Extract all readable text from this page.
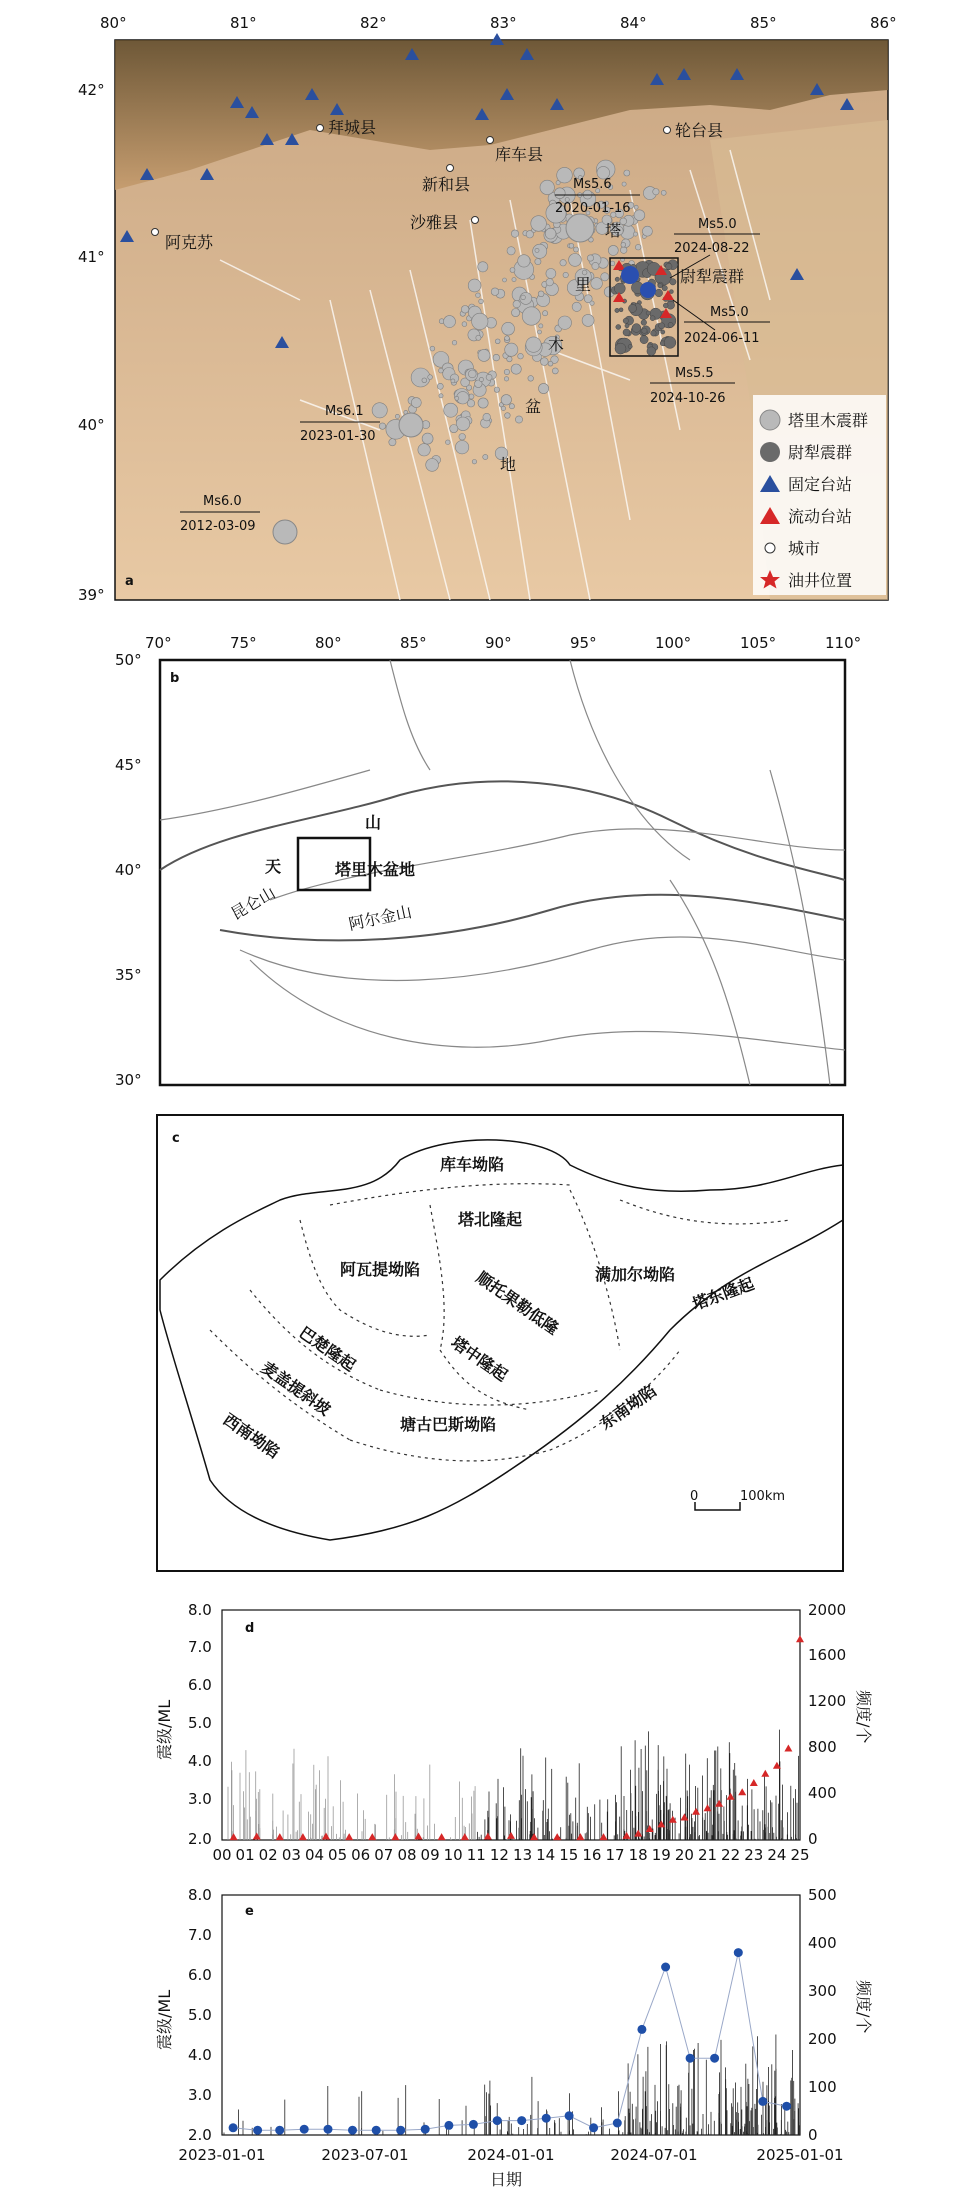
80°	81°	82°	83°	84°	85°	86°
42°
41°
40°
39°
a
拜城县
新和县
库车县
沙雅县
轮台县
阿克苏
塔
里
木
盆
地
尉犁震群
Ms5.6
2020-01-16
Ms5.0
2024-08-22
Ms5.0
2024-06-11
Ms5.5
2024-10-26
Ms6.1
2023-01-30
Ms6.0
2012-03-09
塔里木震群
尉犁震群
固定台站
流动台站
城市
油井位置
70°	75°	80°	85°	90°	95°	100°	105°	110°
50°
45°
40°
35°
30°
b
天
山
塔里木盆地
昆仑山	阿尔金山
c
库车坳陷
塔北隆起
阿瓦提坳陷	顺托果勒低隆 满加尔坳陷 塔东隆起
巴楚隆起	塔中隆起
麦盖提斜坡
西南坳陷	塘古巴斯坳陷	东南坳陷
0	100km
d
8.0
7.0
6.0
5.0
4.0
3.0
2.0
2000
1600
1200
800
400
0
震级/ML	频度/个
00 01 02 03 04 05 06 07 08 09 10 11 12 13 14 15 16 17 18 19 20 21 22 23 24 25
e
8.0
7.0
6.0
5.0
4.0
3.0
2.0
500
400
300
200
100
0
震级/ML	频度/个
2023-01-01	2023-07-01	2024-01-01	2024-07-01	2025-01-01
日期
